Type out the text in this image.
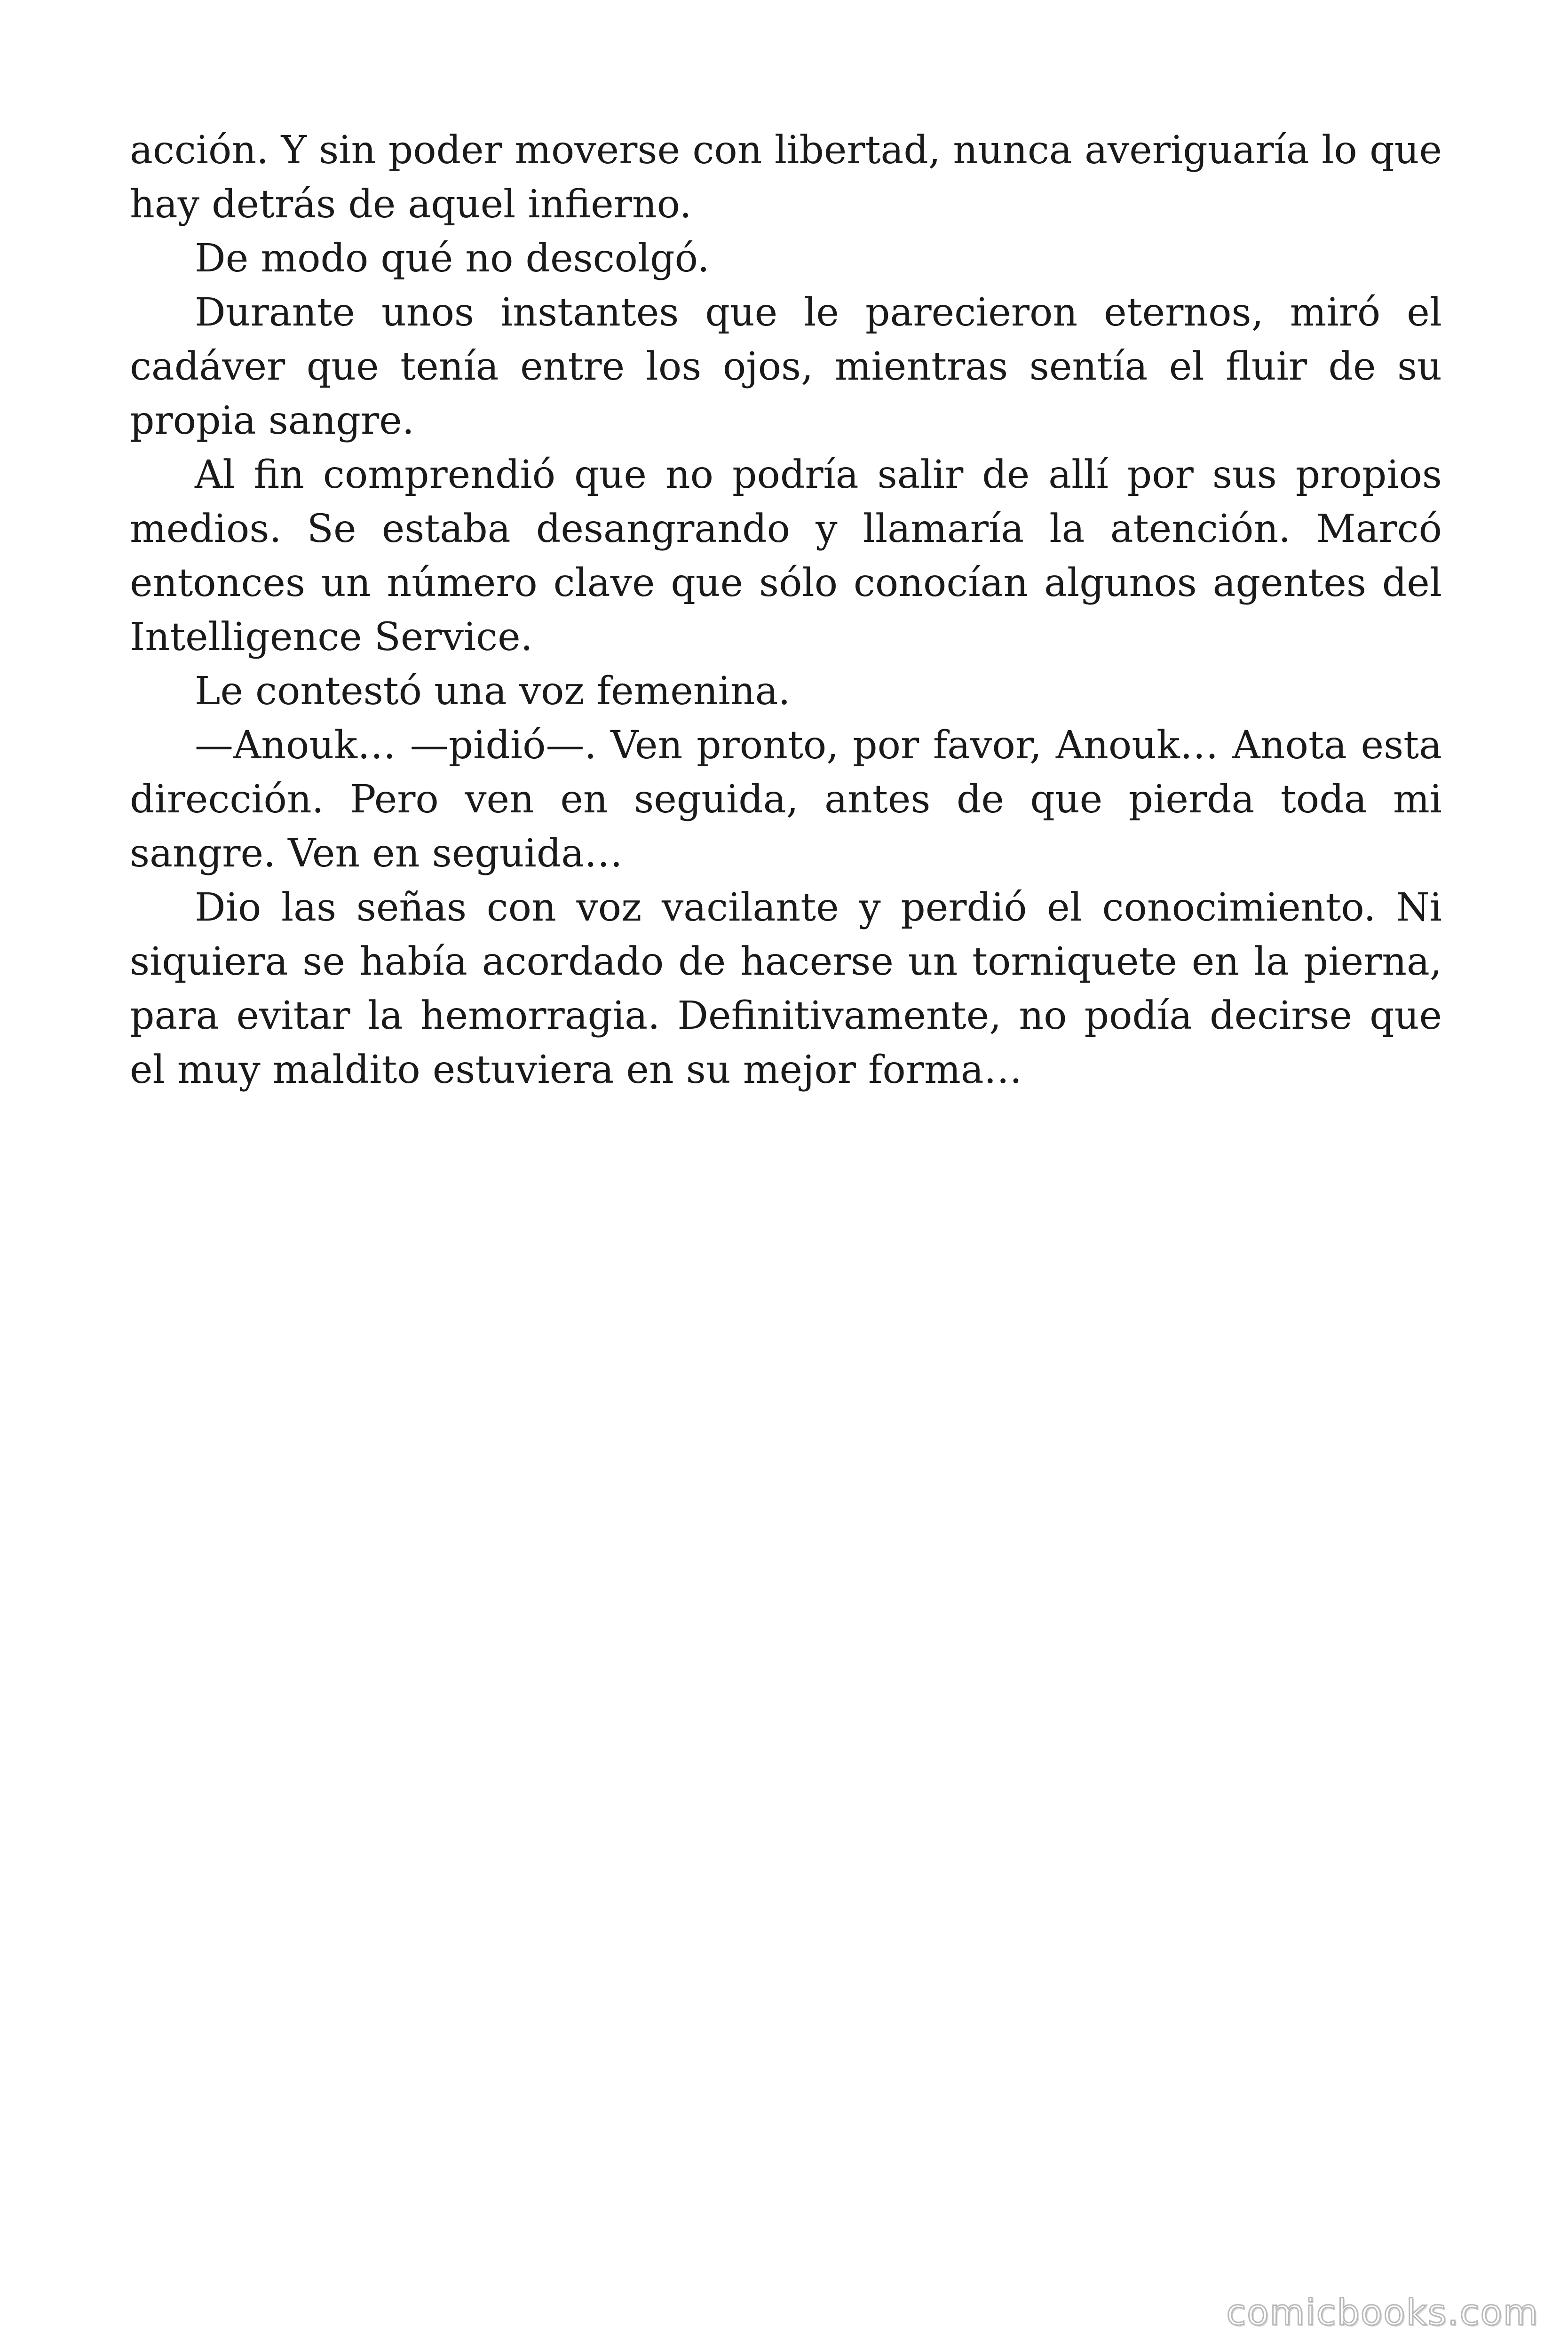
acción. Y sin poder moverse con libertad, nunca averiguaría lo que hay detrás de aquel infierno.

De modo qué no descolgó.

Durante unos instantes que le parecieron eternos, miró el cadáver que tenía entre los ojos, mientras sentía el fluir de su propia sangre.

Al fin comprendió que no podría salir de allí por sus propios medios. Se estaba desangrando y llamaría la atención. Marcó entonces un número clave que sólo conocían algunos agentes del Intelligence Service.

Le contestó una voz femenina.

—Anouk… —pidió—. Ven pronto, por favor, Anouk… Anota esta dirección. Pero ven en seguida, antes de que pierda toda mi sangre. Ven en seguida…

Dio las señas con voz vacilante y perdió el conocimiento. Ni siquiera se había acordado de hacerse un torniquete en la pierna, para evitar la hemorragia. Definitivamente, no podía decirse que el muy maldito estuviera en su mejor forma…

comicbooks.com
